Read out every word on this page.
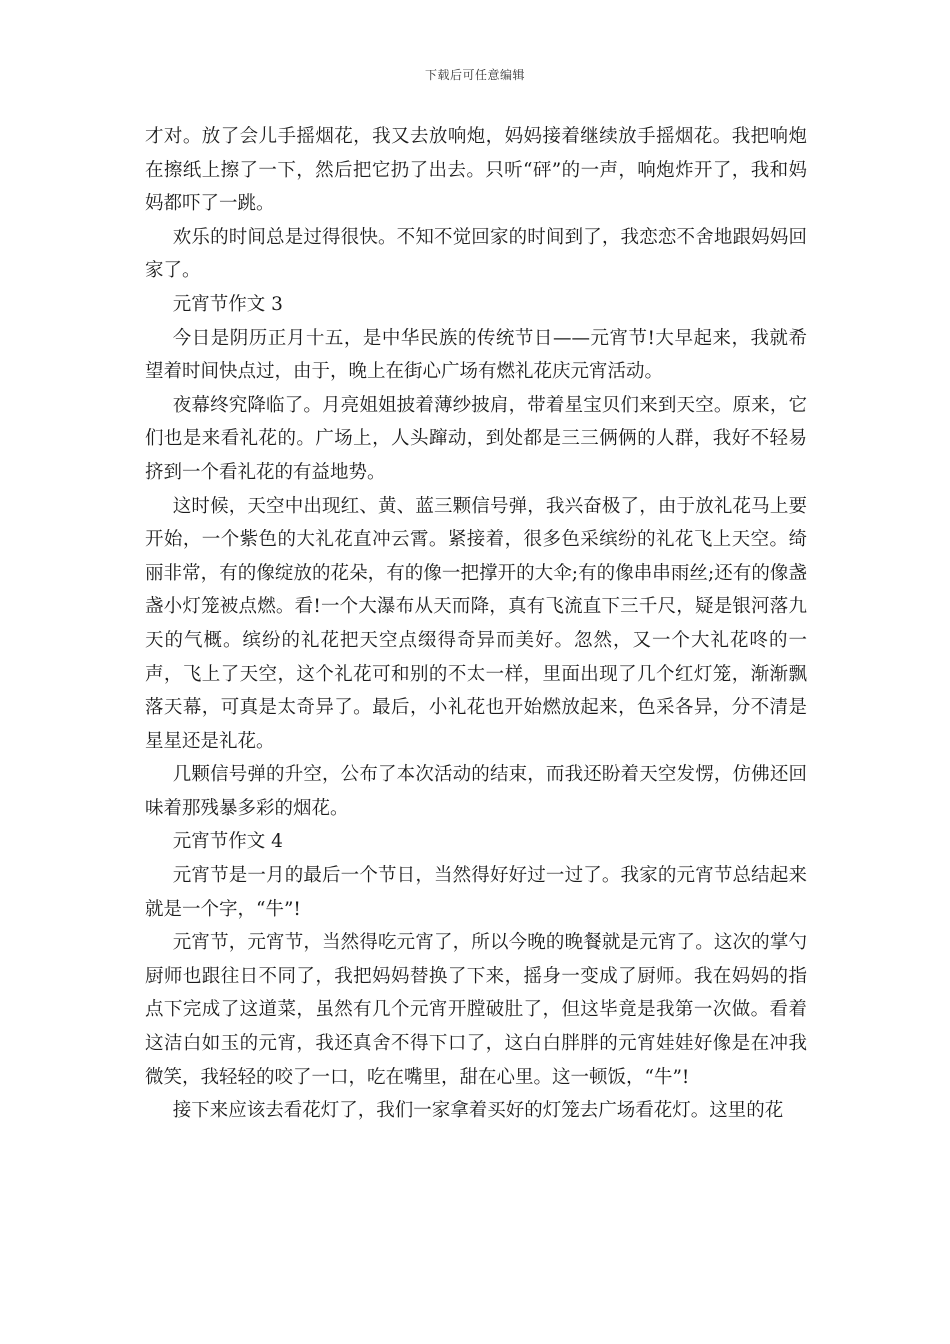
下载后可任意编辑

才对。放了会儿手摇烟花，我又去放响炮，妈妈接着继续放手摇烟花。我把响炮在擦纸上擦了一下，然后把它扔了出去。只听“砰”的一声，响炮炸开了，我和妈妈都吓了一跳。

欢乐的时间总是过得很快。不知不觉回家的时间到了，我恋恋不舍地跟妈妈回家了。

元宵节作文 3

今日是阴历正月十五，是中华民族的传统节日——元宵节!大早起来，我就希望着时间快点过，由于，晚上在街心广场有燃礼花庆元宵活动。

夜幕终究降临了。月亮姐姐披着薄纱披肩，带着星宝贝们来到天空。原来，它们也是来看礼花的。广场上，人头蹿动，到处都是三三俩俩的人群，我好不轻易挤到一个看礼花的有益地势。

这时候，天空中出现红、黄、蓝三颗信号弹，我兴奋极了，由于放礼花马上要开始，一个紫色的大礼花直冲云霄。紧接着，很多色采缤纷的礼花飞上天空。绮丽非常，有的像绽放的花朵，有的像一把撑开的大伞;有的像串串雨丝;还有的像盏盏小灯笼被点燃。看!一个大瀑布从天而降，真有飞流直下三千尺，疑是银河落九天的气概。缤纷的礼花把天空点缀得奇异而美好。忽然，又一个大礼花咚的一声，飞上了天空，这个礼花可和别的不太一样，里面出现了几个红灯笼，渐渐飘落天幕，可真是太奇异了。最后，小礼花也开始燃放起来，色采各异，分不清是星星还是礼花。

几颗信号弹的升空，公布了本次活动的结束，而我还盼着天空发愣，仿佛还回味着那残暴多彩的烟花。

元宵节作文 4

元宵节是一月的最后一个节日，当然得好好过一过了。我家的元宵节总结起来就是一个字，“牛”!

元宵节，元宵节，当然得吃元宵了，所以今晚的晚餐就是元宵了。这次的掌勺厨师也跟往日不同了，我把妈妈替换了下来，摇身一变成了厨师。我在妈妈的指点下完成了这道菜，虽然有几个元宵开膛破肚了，但这毕竟是我第一次做。看着这洁白如玉的元宵，我还真舍不得下口了，这白白胖胖的元宵娃娃好像是在冲我微笑，我轻轻的咬了一口，吃在嘴里，甜在心里。这一顿饭，“牛”!

接下来应该去看花灯了，我们一家拿着买好的灯笼去广场看花灯。这里的花
